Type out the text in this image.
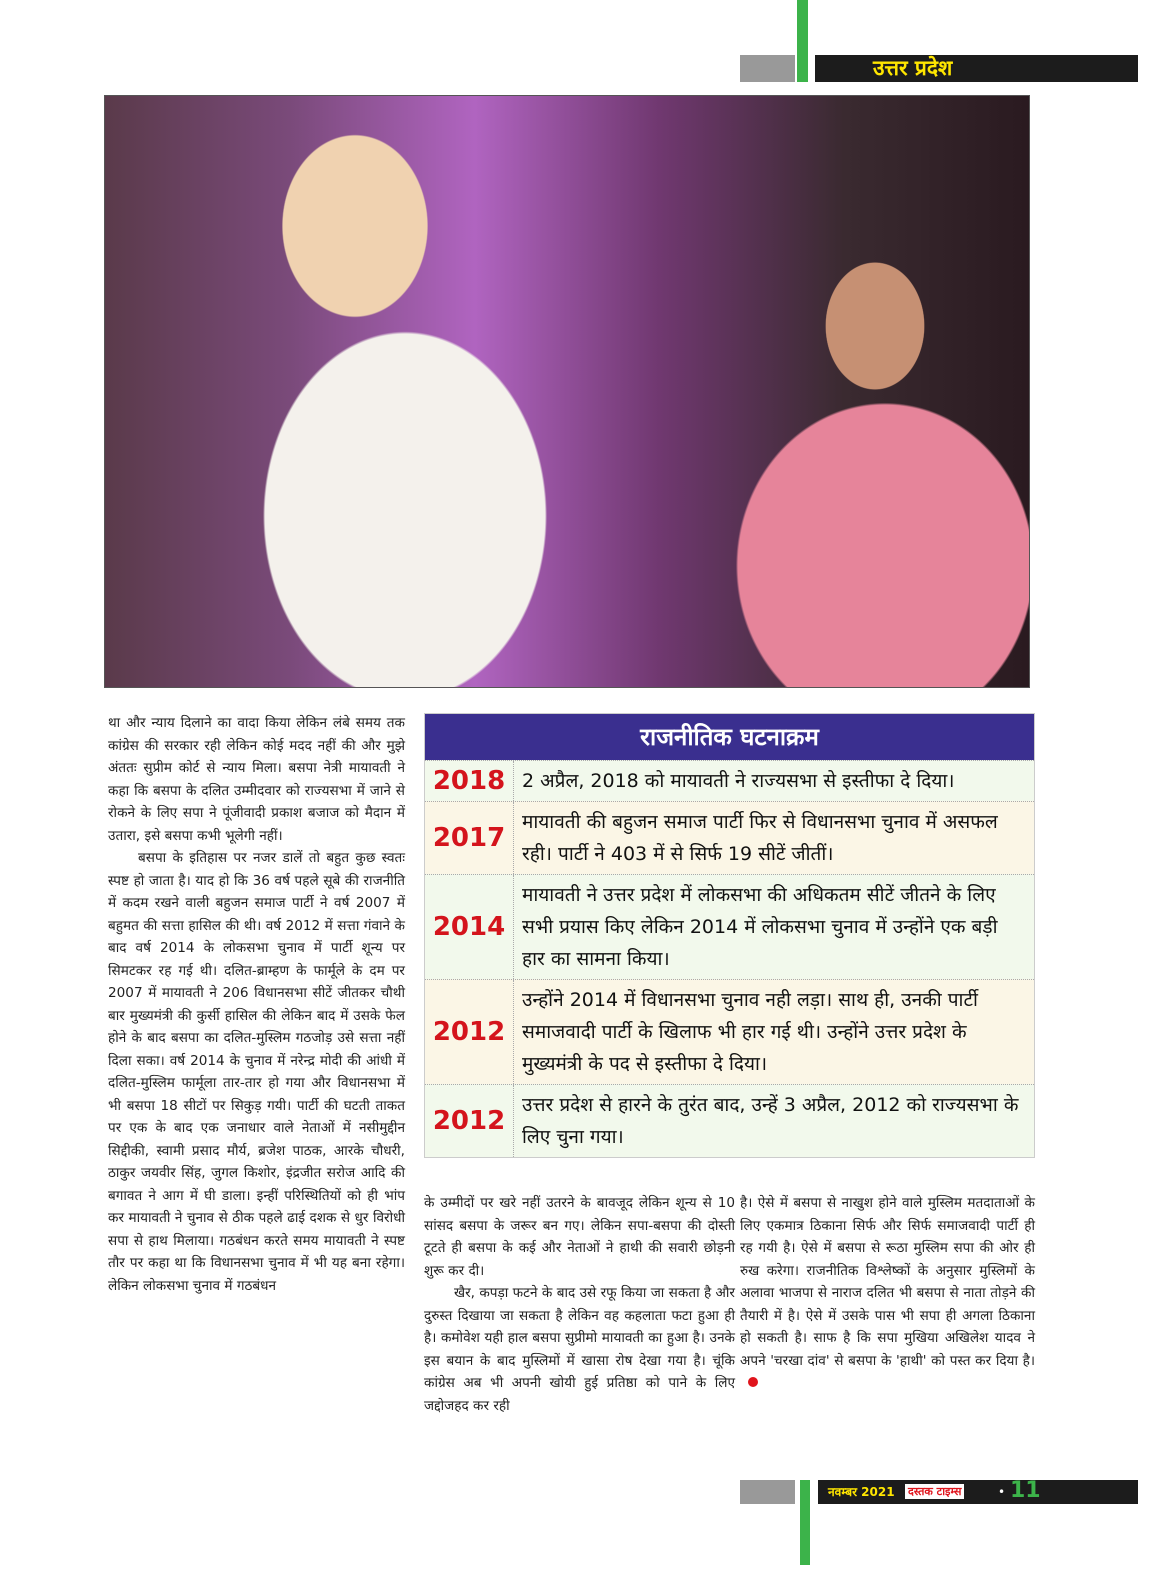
उत्तर प्रदेश

था और न्याय दिलाने का वादा किया लेकिन लंबे समय तक कांग्रेस की सरकार रही लेकिन कोई मदद नहीं की और मुझे अंततः सुप्रीम कोर्ट से न्याय मिला। बसपा नेत्री मायावती ने कहा कि बसपा के दलित उम्मीदवार को राज्यसभा में जाने से रोकने के लिए सपा ने पूंजीवादी प्रकाश बजाज को मैदान में उतारा, इसे बसपा कभी भूलेगी नहीं।

बसपा के इतिहास पर नजर डालें तो बहुत कुछ स्वतः स्पष्ट हो जाता है। याद हो कि 36 वर्ष पहले सूबे की राजनीति में कदम रखने वाली बहुजन समाज पार्टी ने वर्ष 2007 में बहुमत की सत्ता हासिल की थी। वर्ष 2012 में सत्ता गंवाने के बाद वर्ष 2014 के लोकसभा चुनाव में पार्टी शून्य पर सिमटकर रह गई थी। दलित-ब्राम्हण के फार्मूले के दम पर 2007 में मायावती ने 206 विधानसभा सीटें जीतकर चौथी बार मुख्यमंत्री की कुर्सी हासिल की लेकिन बाद में उसके फेल होने के बाद बसपा का दलित-मुस्लिम गठजोड़ उसे सत्ता नहीं दिला सका। वर्ष 2014 के चुनाव में नरेन्द्र मोदी की आंधी में दलित-मुस्लिम फार्मूला तार-तार हो गया और विधानसभा में भी बसपा 18 सीटों पर सिकुड़ गयी। पार्टी की घटती ताकत पर एक के बाद एक जनाधार वाले नेताओं में नसीमुद्दीन सिद्दीकी, स्वामी प्रसाद मौर्य, ब्रजेश पाठक, आरके चौधरी, ठाकुर जयवीर सिंह, जुगल किशोर, इंद्रजीत सरोज आदि की बगावत ने आग में घी डाला। इन्हीं परिस्थितियों को ही भांप कर मायावती ने चुनाव से ठीक पहले ढाई दशक से धुर विरोधी सपा से हाथ मिलाया। गठबंधन करते समय मायावती ने स्पष्ट तौर पर कहा था कि विधानसभा चुनाव में भी यह बना रहेगा। लेकिन लोकसभा चुनाव में गठबंधन

राजनीतिक घटनाक्रम
2018 2 अप्रैल, 2018 को मायावती ने राज्यसभा से इस्तीफा दे दिया।
2017
मायावती की बहुजन समाज पार्टी फिर से विधानसभा चुनाव में असफल रही। पार्टी ने 403 में से सिर्फ 19 सीटें जीतीं।
2014
मायावती ने उत्तर प्रदेश में लोकसभा की अधिकतम सीटें जीतने के लिए सभी प्रयास किए लेकिन 2014 में लोकसभा चुनाव में उन्होंने एक बड़ी हार का सामना किया।
2012
उन्होंने 2014 में विधानसभा चुनाव नही लड़ा। साथ ही, उनकी पार्टी समाजवादी पार्टी के खिलाफ भी हार गई थी। उन्होंने उत्तर प्रदेश के मुख्यमंत्री के पद से इस्तीफा दे दिया।
2012
उत्तर प्रदेश से हारने के तुरंत बाद, उन्हें 3 अप्रैल, 2012 को राज्यसभा के लिए चुना गया।

के उम्मीदों पर खरे नहीं उतरने के बावजूद लेकिन शून्य से 10 सांसद बसपा के जरूर बन गए। लेकिन सपा-बसपा की दोस्ती टूटते ही बसपा के कई और नेताओं ने हाथी की सवारी छोड़नी शुरू कर दी।

खैर, कपड़ा फटने के बाद उसे रफू किया जा सकता है और दुरुस्त दिखाया जा सकता है लेकिन वह कहलाता फटा हुआ ही है। कमोवेश यही हाल बसपा सुप्रीमो मायावती का हुआ है। उनके इस बयान के बाद मुस्लिमों में खासा रोष देखा गया है। चूंकि कांग्रेस अब भी अपनी खोयी हुई प्रतिष्ठा को पाने के लिए जद्दोजहद कर रही

है। ऐसे में बसपा से नाखुश होने वाले मुस्लिम मतदाताओं के लिए एकमात्र ठिकाना सिर्फ और सिर्फ समाजवादी पार्टी ही रह गयी है। ऐसे में बसपा से रूठा मुस्लिम सपा की ओर ही रुख करेगा। राजनीतिक विश्लेष्कों के अनुसार मुस्लिमों के अलावा भाजपा से नाराज दलित भी बसपा से नाता तोड़ने की तैयारी में है। ऐसे में उसके पास भी सपा ही अगला ठिकाना हो सकती है। साफ है कि सपा मुखिया अखिलेश यादव ने अपने 'चरखा दांव' से बसपा के 'हाथी' को पस्त कर दिया है।

नवम्बर 2021 दस्तक टाइम्स	• 11
